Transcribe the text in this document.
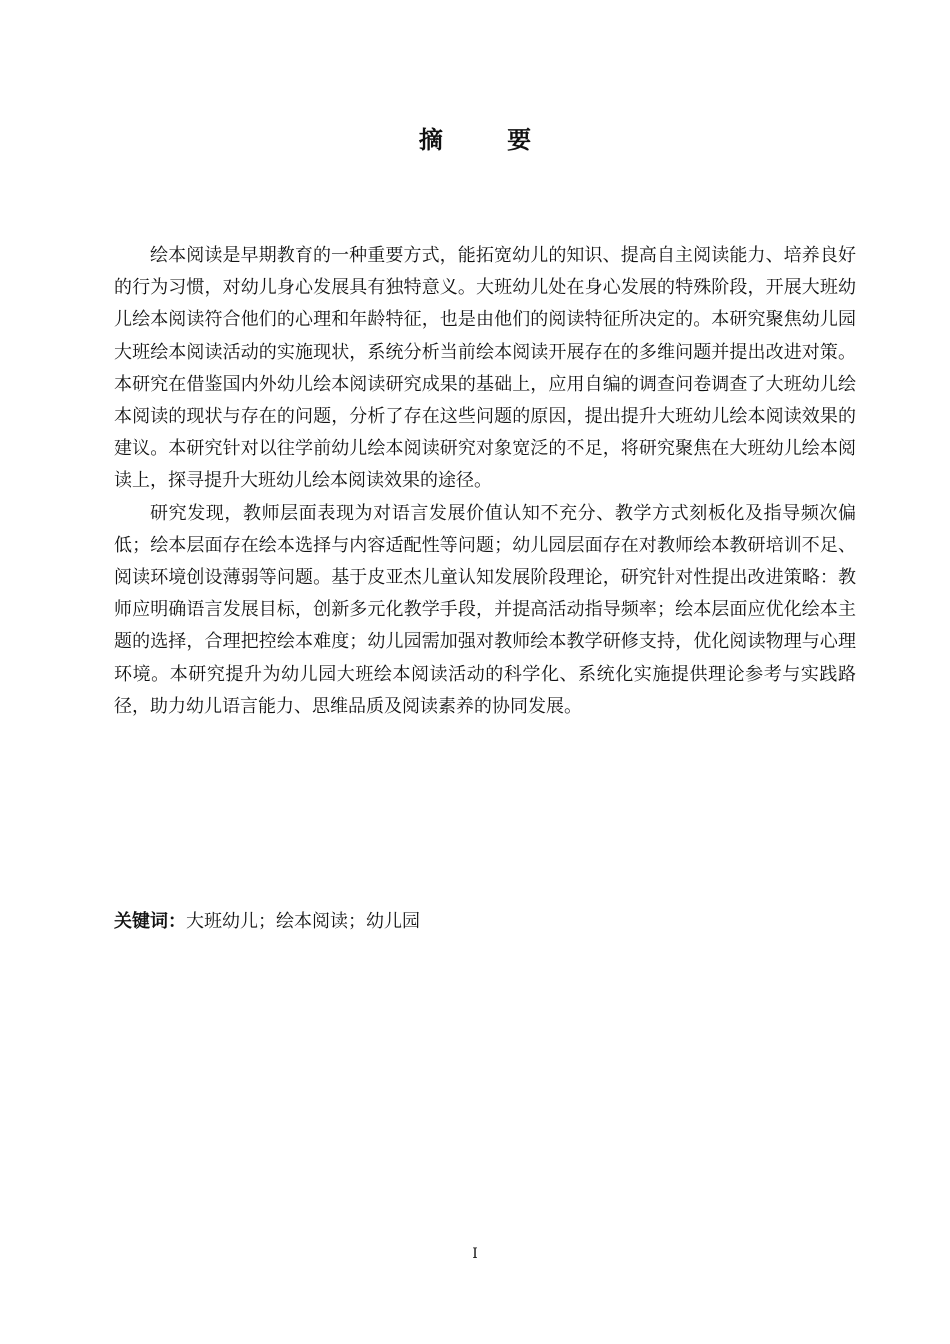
摘 要

绘本阅读是早期教育的一种重要方式，能拓宽幼儿的知识、提高自主阅读能力、培养良好的行为习惯，对幼儿身心发展具有独特意义。大班幼儿处在身心发展的特殊阶段，开展大班幼儿绘本阅读符合他们的心理和年龄特征，也是由他们的阅读特征所决定的。本研究聚焦幼儿园大班绘本阅读活动的实施现状，系统分析当前绘本阅读开展存在的多维问题并提出改进对策。本研究在借鉴国内外幼儿绘本阅读研究成果的基础上，应用自编的调查问卷调查了大班幼儿绘本阅读的现状与存在的问题，分析了存在这些问题的原因，提出提升大班幼儿绘本阅读效果的建议。本研究针对以往学前幼儿绘本阅读研究对象宽泛的不足，将研究聚焦在大班幼儿绘本阅读上，探寻提升大班幼儿绘本阅读效果的途径。

研究发现，教师层面表现为对语言发展价值认知不充分、教学方式刻板化及指导频次偏低；绘本层面存在绘本选择与内容适配性等问题；幼儿园层面存在对教师绘本教研培训不足、阅读环境创设薄弱等问题。基于皮亚杰儿童认知发展阶段理论，研究针对性提出改进策略：教师应明确语言发展目标，创新多元化教学手段，并提高活动指导频率；绘本层面应优化绘本主题的选择，合理把控绘本难度；幼儿园需加强对教师绘本教学研修支持，优化阅读物理与心理环境。本研究提升为幼儿园大班绘本阅读活动的科学化、系统化实施提供理论参考与实践路径，助力幼儿语言能力、思维品质及阅读素养的协同发展。

关键词：大班幼儿；绘本阅读；幼儿园
I
